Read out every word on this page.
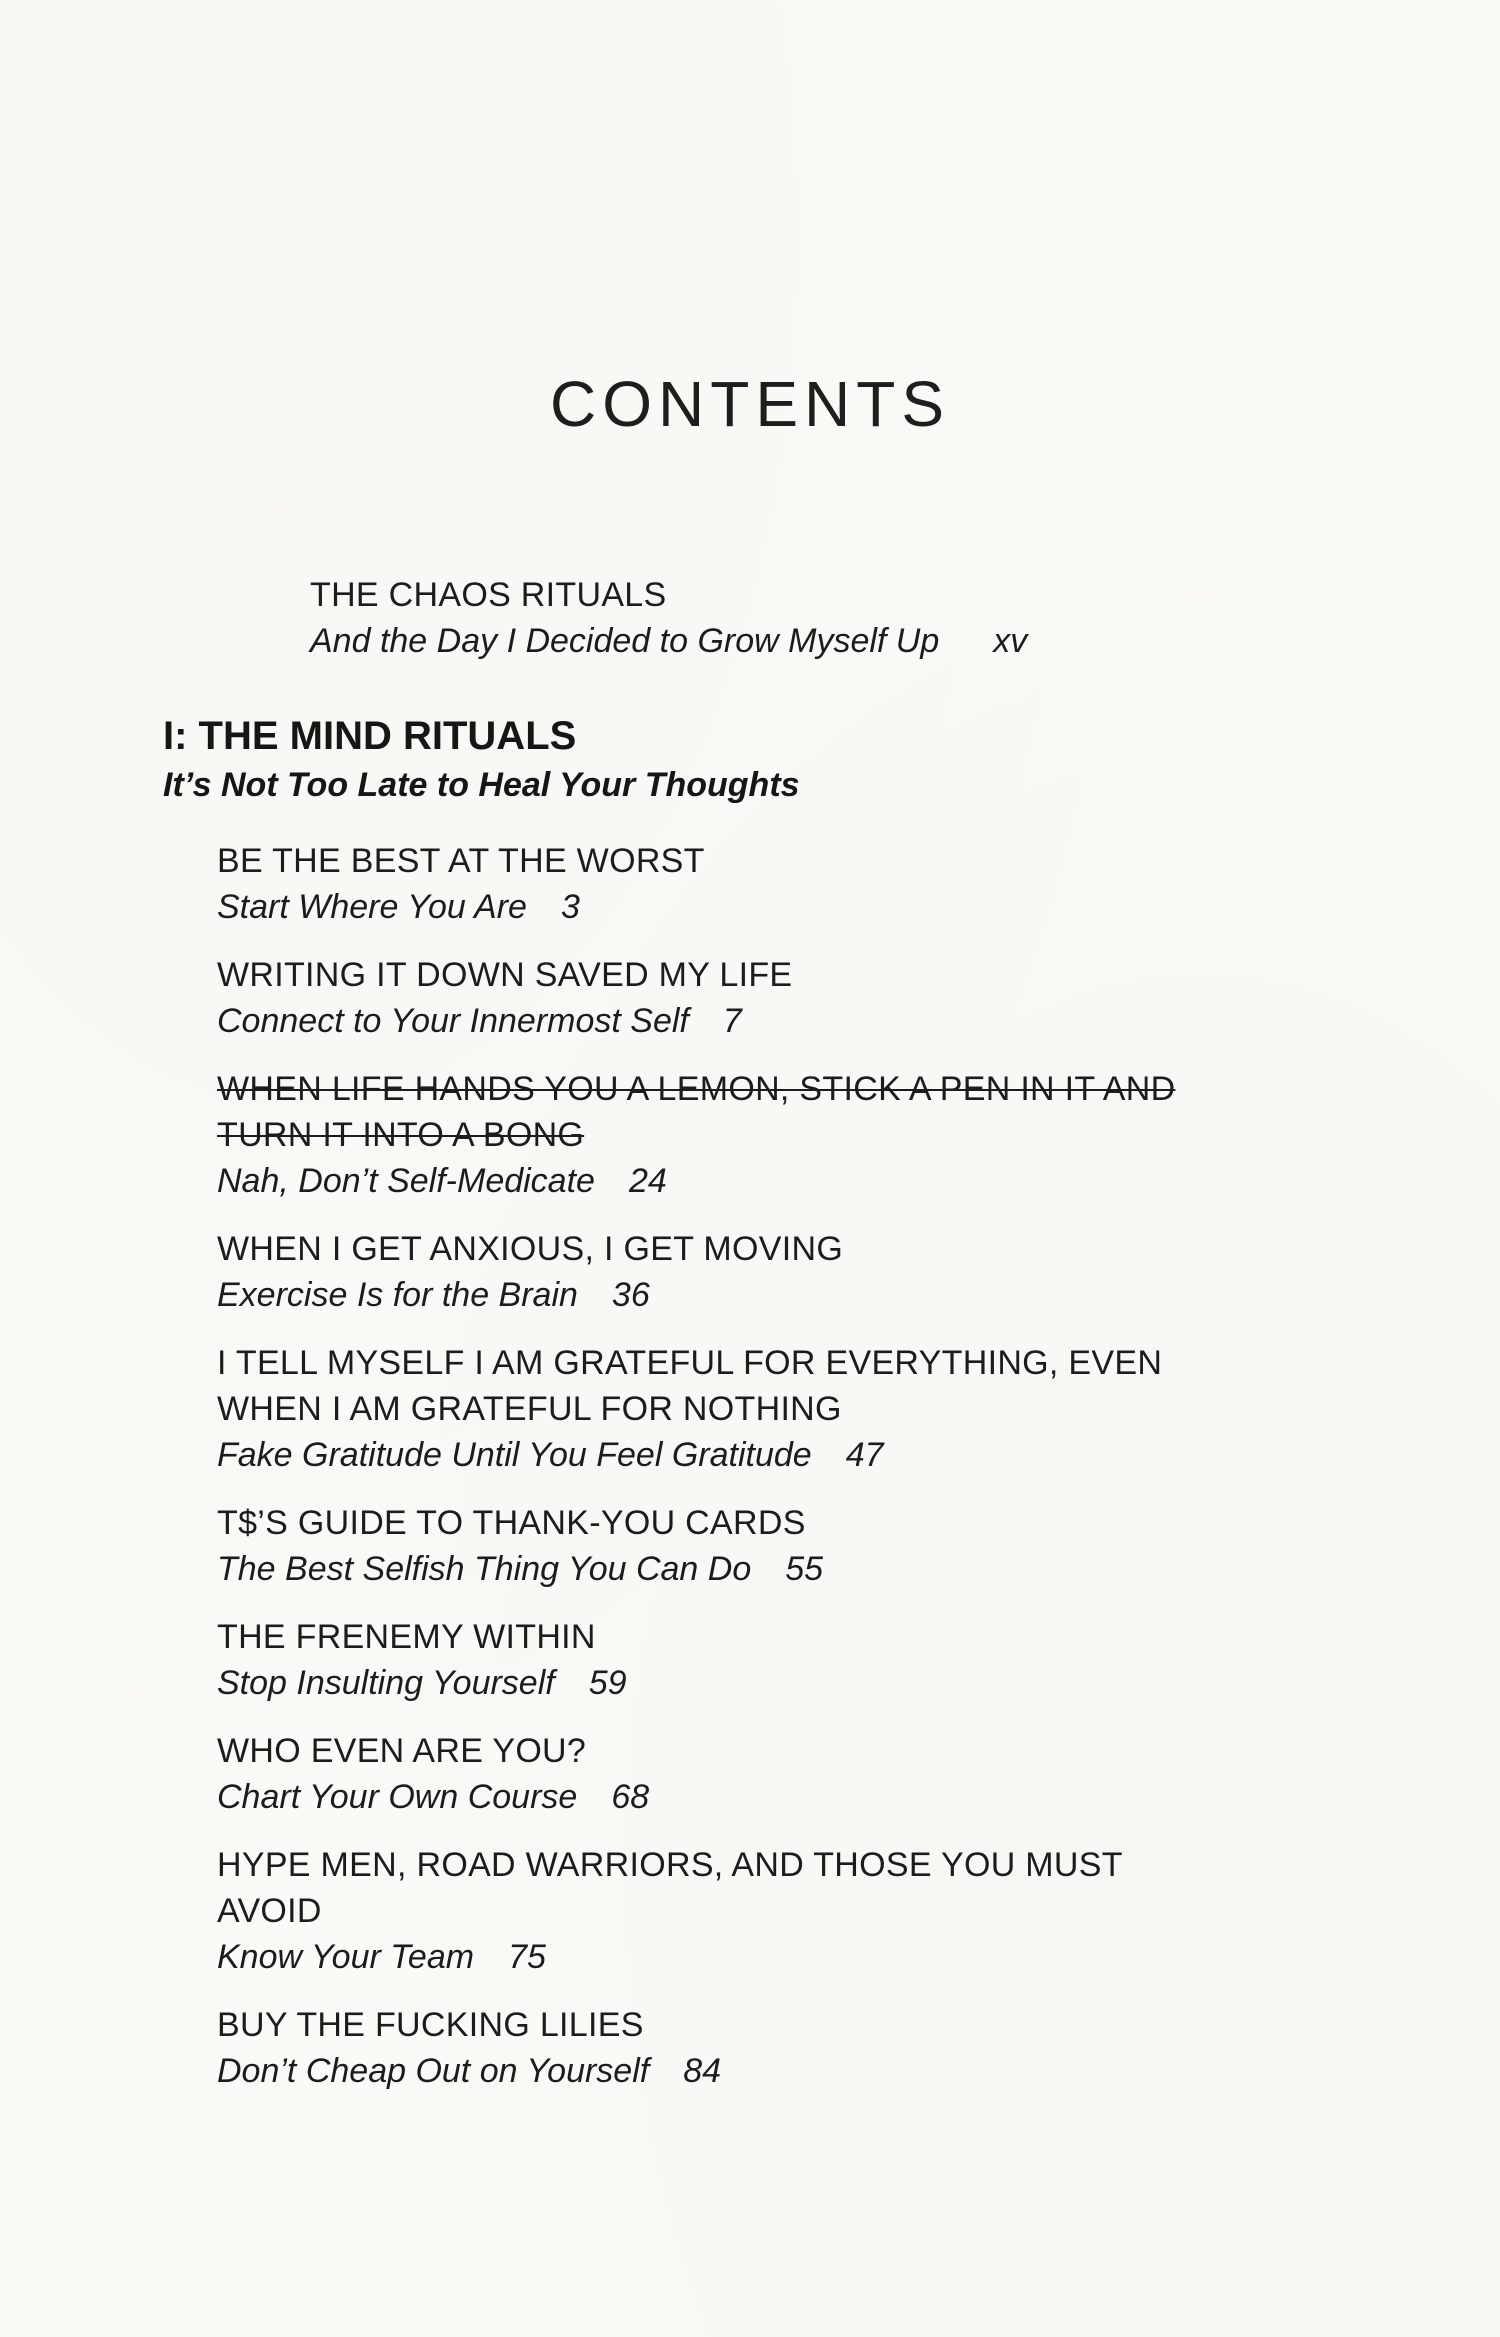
CONTENTS
THE CHAOS RITUALS
And the Day I Decided to Grow Myself Up xv
I: THE MIND RITUALS
It’s Not Too Late to Heal Your Thoughts
BE THE BEST AT THE WORST
Start Where You Are 3
WRITING IT DOWN SAVED MY LIFE
Connect to Your Innermost Self 7
WHEN LIFE HANDS YOU A LEMON, STICK A PEN IN IT AND
TURN IT INTO A BONG
Nah, Don’t Self-Medicate 24
WHEN I GET ANXIOUS, I GET MOVING
Exercise Is for the Brain 36
I TELL MYSELF I AM GRATEFUL FOR EVERYTHING, EVEN
WHEN I AM GRATEFUL FOR NOTHING
Fake Gratitude Until You Feel Gratitude 47
T$’S GUIDE TO THANK-YOU CARDS
The Best Selfish Thing You Can Do 55
THE FRENEMY WITHIN
Stop Insulting Yourself 59
WHO EVEN ARE YOU?
Chart Your Own Course 68
HYPE MEN, ROAD WARRIORS, AND THOSE YOU MUST
AVOID
Know Your Team 75
BUY THE FUCKING LILIES
Don’t Cheap Out on Yourself 84
